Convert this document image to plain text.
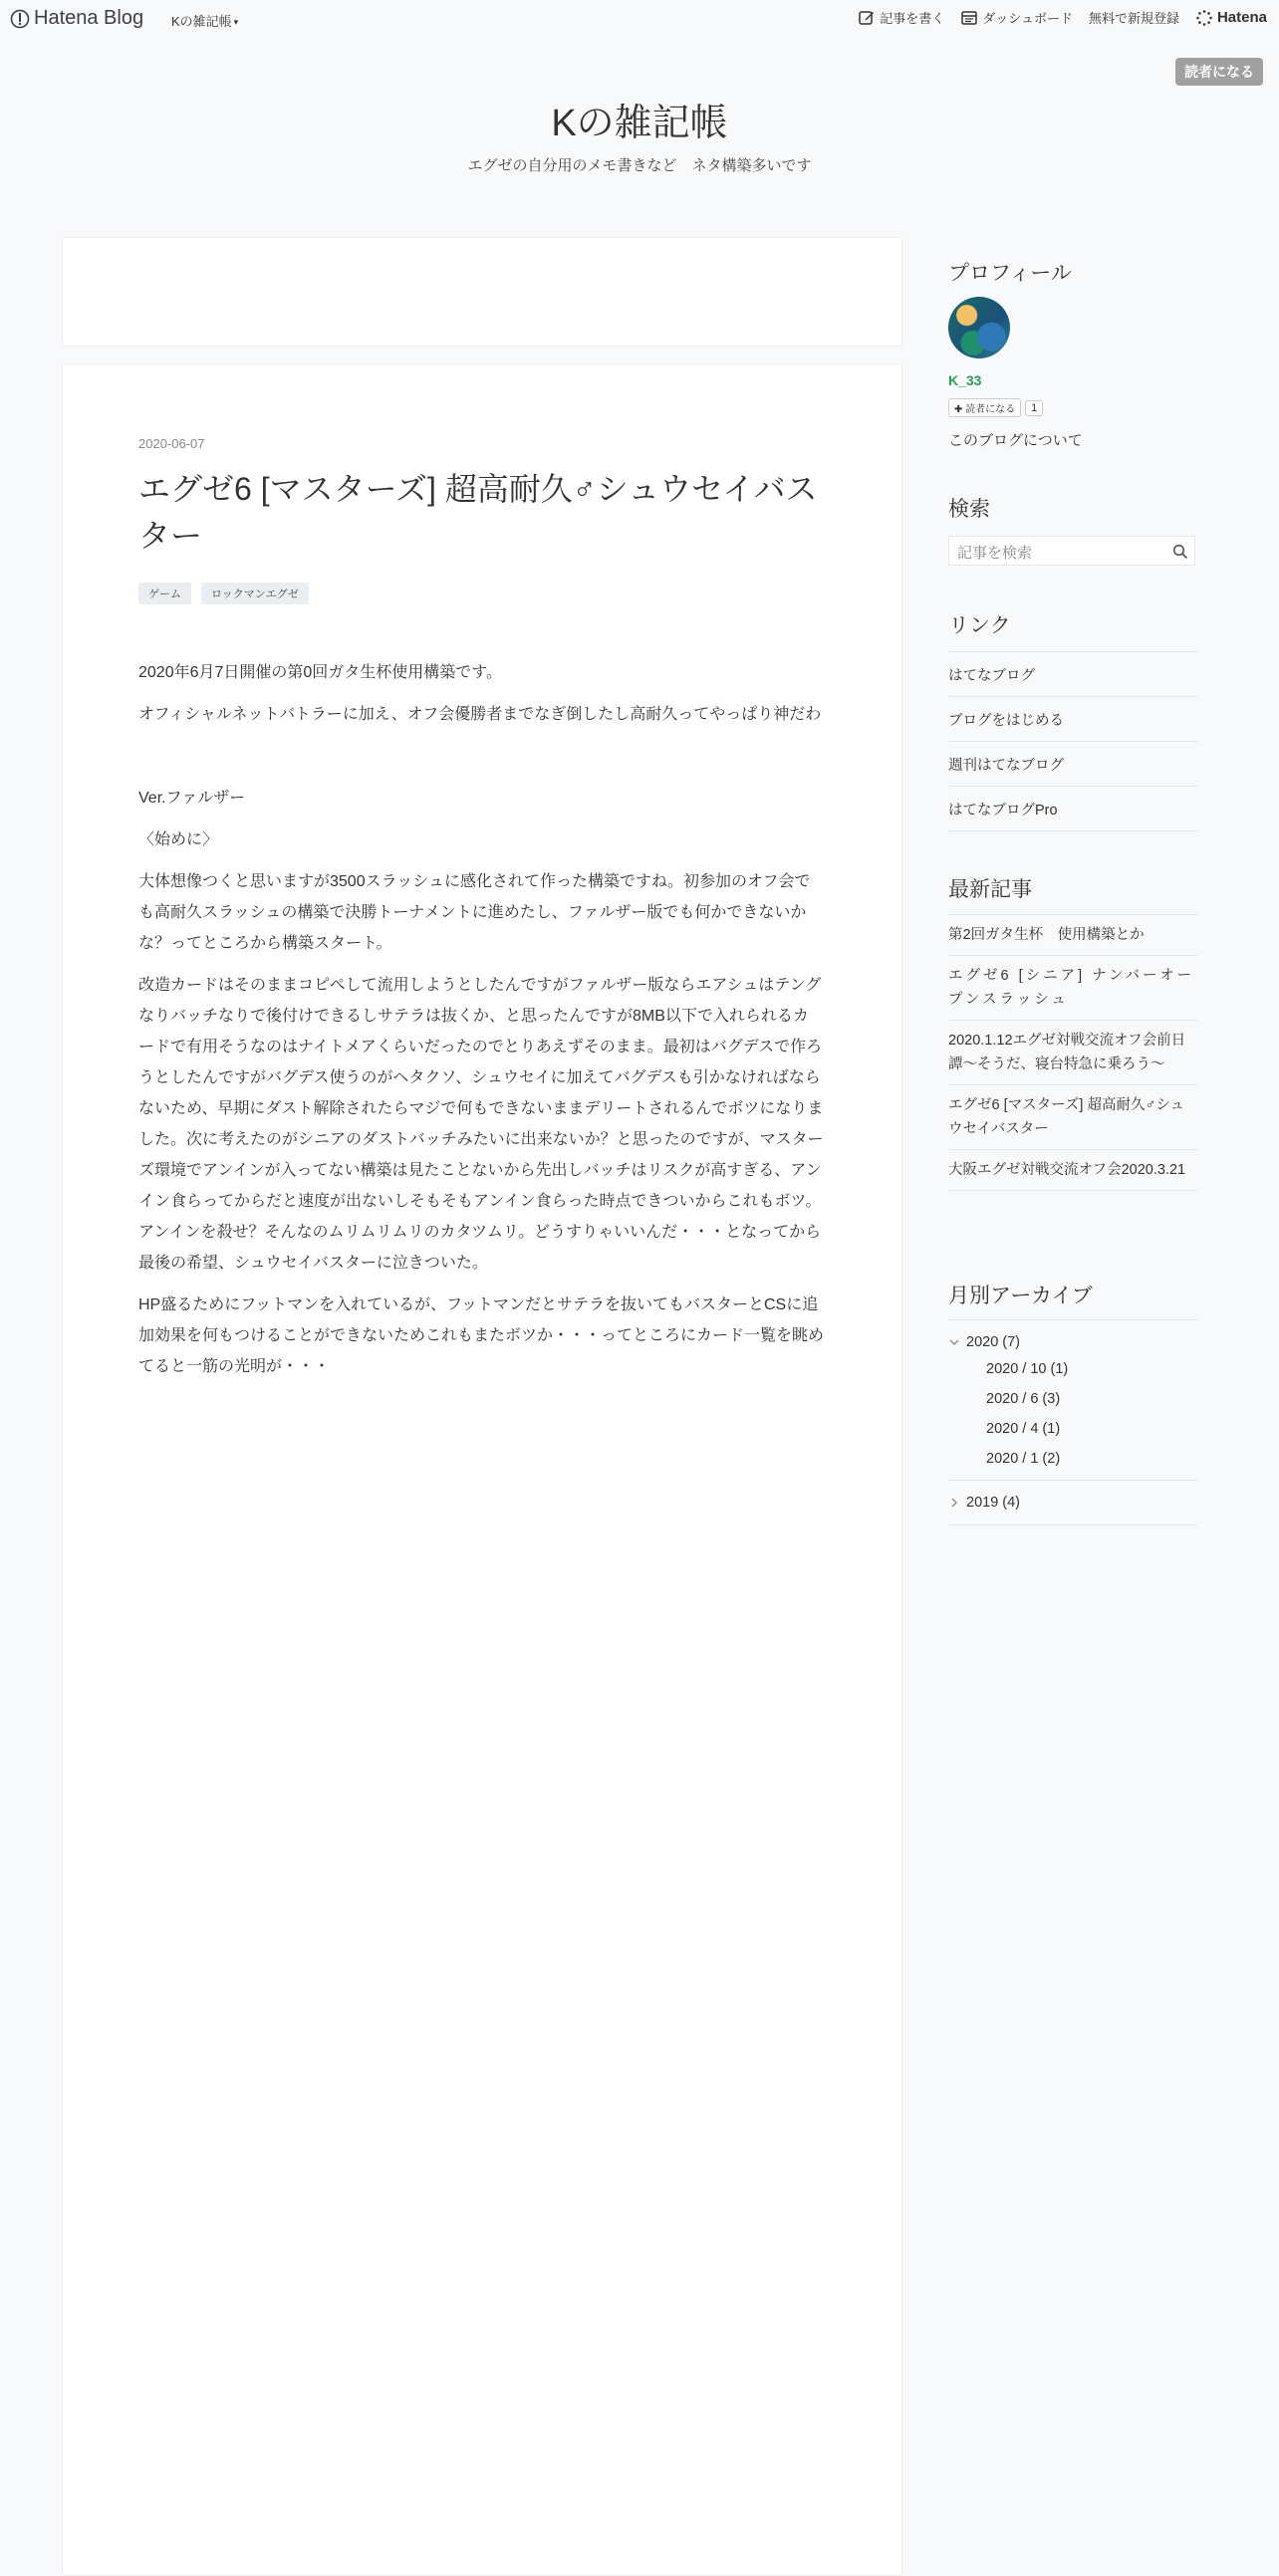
Hatena Blog Kの雑記帳 ▾	記事を書く	ダッシュボード 無料で新規登録	Hatena
読者になる
Kの雑記帳
エグゼの自分用のメモ書きなど　ネタ構築多いです
2020-06-07
エグゼ6 [マスターズ] 超高耐久♂シュウセイバスター
ゲーム	ロックマンエグゼ

2020年6月7日開催の第0回ガタ生杯使用構築です。

オフィシャルネットバトラーに加え、オフ会優勝者までなぎ倒したし高耐久ってやっぱり神だわ

Ver.ファルザー

〈始めに〉

大体想像つくと思いますが3500スラッシュに感化されて作った構築ですね。初参加のオフ会でも高耐久スラッシュの構築で決勝トーナメントに進めたし、ファルザー版でも何かできないかな？ってところから構築スタート。

改造カードはそのままコピペして流用しようとしたんですがファルザー版ならエアシュはテングなりバッチなりで後付けできるしサテラは抜くか、と思ったんですが8MB以下で入れられるカードで有用そうなのはナイトメアくらいだったのでとりあえずそのまま。最初はバグデスで作ろうとしたんですがバグデス使うのがヘタクソ、シュウセイに加えてバグデスも引かなければならないため、早期にダスト解除されたらマジで何もできないままデリートされるんでボツになりました。次に考えたのがシニアのダストバッチみたいに出来ないか？と思ったのですが、マスターズ環境でアンインが入ってない構築は見たことないから先出しバッチはリスクが高すぎる、アンイン食らってからだと速度が出ないしそもそもアンイン食らった時点できついからこれもボツ。アンインを殺せ？そんなのムリムリムリのカタツムリ。どうすりゃいいんだ・・・となってから最後の希望、シュウセイバスターに泣きついた。

HP盛るためにフットマンを入れているが、フットマンだとサテラを抜いてもバスターとCSに追加効果を何もつけることができないためこれもまたボツか・・・ってところにカード一覧を眺めてると一筋の光明が・・・

プロフィール
K_33
✚ 読者になる	1
このブログについて
検索
記事を検索
リンク
はてなブログ
ブログをはじめる
週刊はてなブログ
はてなブログPro
最新記事
第2回ガタ生杯　使用構築とか
エグゼ6 [シニア] ナンバーオープンスラッシュ
2020.1.12エグゼ対戦交流オフ会前日譚～そうだ、寝台特急に乗ろう～
エグゼ6 [マスターズ] 超高耐久♂シュウセイバスター
大阪エグゼ対戦交流オフ会2020.3.21
月別アーカイブ
2020 (7)
2020 / 10 (1)
2020 / 6 (3)
2020 / 4 (1)
2020 / 1 (2)
2019 (4)
